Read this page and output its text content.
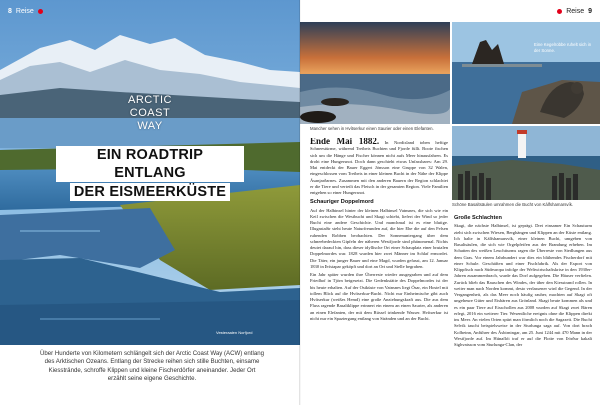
8 Reise
ARCTIC
COAST
WAY
EIN ROADTRIP ENTLANG
DER EISMEERKÜSTE
Vesteraalen Norfjord
Über Hunderte von Kilometern schlängelt sich der Arctic Coast Way (ACW) entlang des Arktischen Ozeans. Entlang der Strecke reihen sich stille Buchten, einsame Kiesstrände, schroffe Klippen und kleine Fischerdörfer aneinander. Jeder Ort erzählt seine eigene Geschichte.
Reise 9
Eine Kegelrobbe ruhelt sich in der Sonne.
Mancher sehen in Hvítserkur einen Saurier oder einen Elefanten.
Schöne Basaltsäulen umrahmen die Bucht von Kálfshamarsvík.

Ende Mai 1882. In Nordisland toben heftige Schneestürme, während Treibeis Buchten und Fjorde füllt. Boote fischen sich um die Hänge und Fischer können nicht aufs Meer hinausfahren. Es droht eine Hungersnot. Doch dann geschieht etwas Unfassbares: Am 29. Mai entdeckt der Bauer Eggert Jónsson eine Gruppe von 32 Walen, eingeschlossen vom Treibeis in einer kleinen Bucht in der Nähe der Klippe Ásanjarðarnes. Zusammen mit den anderen Bauern der Region schlachtet er die Tiere und verteilt das Fleisch in der gesamten Region. Viele Familien entgehen so einer Hungersnot.

Schauriger Doppelmord

Auf der Halbinsel hinter der kleinen Halbinsel Vatnsnes, die sich wie ein Keil zwischen die Westbucht und Skagi schiebt, liefert der Wind so jeder Bucht eine andere Geschichte. Und manchmal ist es eine blutige. Illugastaðir steht heute Naturfreunden auf, die hier Ehe die auf den Felsen ruhenden Robben beobachten. Der Sonnenuntergang über dem schneebedeckten Gipfeln der näheren Westfjorde sind phänomenal. Nichts deutet darauf hin, dass dieser idyllische Ort einer Schauplatz einer brutalen Doppelmordes war. 1828 wurden hier zwei Männer im Schlaf ermordet. Die Täter, ein junger Bauer und eine Magd, wurden gefasst, am 12. Januar 1830 in Þrístapar geköpft und dort an Ort und Stelle begraben.

Ein Jahr später wurden ihre Überreste wieder ausgegraben und auf dem Friedhof in Tjörn beigesetzt. Die Gedenkstätte des Doppelmordes ist der bis heute erhalten. Auf der Ostküste von Vatnsnes liegt Ósar, ein Hostel mit tollem Blick auf die Hvítserkur-Bucht. Nicht nur Einheimische gibt auch Hvítserkur (weißes Hemd) eine große Anziehungskraft aus. Die aus dem Fluss ragende Basaltklippe erinnert ein einem an einen Saurier, als anderen an einen Elefanten, der mit dem Rüssel trinkende Wasser. Hvítserkur ist nicht nur ein Spaziergang entlang von Stränden und an der Bucht.

Große Schlachten

Skagi, die nächste Halbinsel, ist geprägt. Drei einsamer Ein Schauturm zieht sich zwischen Wiesen, Berghängen und Klippen an der Küste entlang. Ich halte in Kálfshamarsvík, einer kleinen Bucht, umgeben von Basaltsäulen, die sich wie Orgelpfeifen aus der Brandung erheben. Im Schatten des weißen Leuchtturms ragen die Überreste von Siedlungen aus dem Gras. Vor einem Jahrhundert war dies ein blühendes Fischerdorf mit einer Schule. Geschäften und einer Fischfabrik. Als der Export von Klippfisch nach Südeuropa infolge der Weltwirtschaftskrise in den 1930er-Jahren zusammenbrach, wurde das Dorf aufgegeben. Die Häuser verfielen. Zurück blieb das Rauschen des Windes, der über den Kiesstrand rollen. In weiter man nach Norden kommt, desto verlassener wird die Gegend. In der Vergangenheit, als das Meer noch häufig rauher, machten auf Skagi oft ungeheure Güter und Eisbären aus Grönland. Skagi beute kommen als und es ein paar Tiere auf Eisschollen aus 2008 wurden auf Skagi zwei Bären erlegt, 2016 ein weiterer Tier. Wesentliche ereignis ohne die Klippen direkt ins Meer. An vielen Orten spürt man förmlich noch die Sagazeit. Die Bucht Selvik taucht beispielsweise in der Sturlunga saga auf. Von dort brach Kolbeinn, Anführer des Ásbirningar, am 25. Juni 1244 mit 470 Mann in der Westfjorde auf. Im Húnaflói traf er auf die Flotte von Þórður kakali Sighvatsson vom Sturlunga-Clan, der
